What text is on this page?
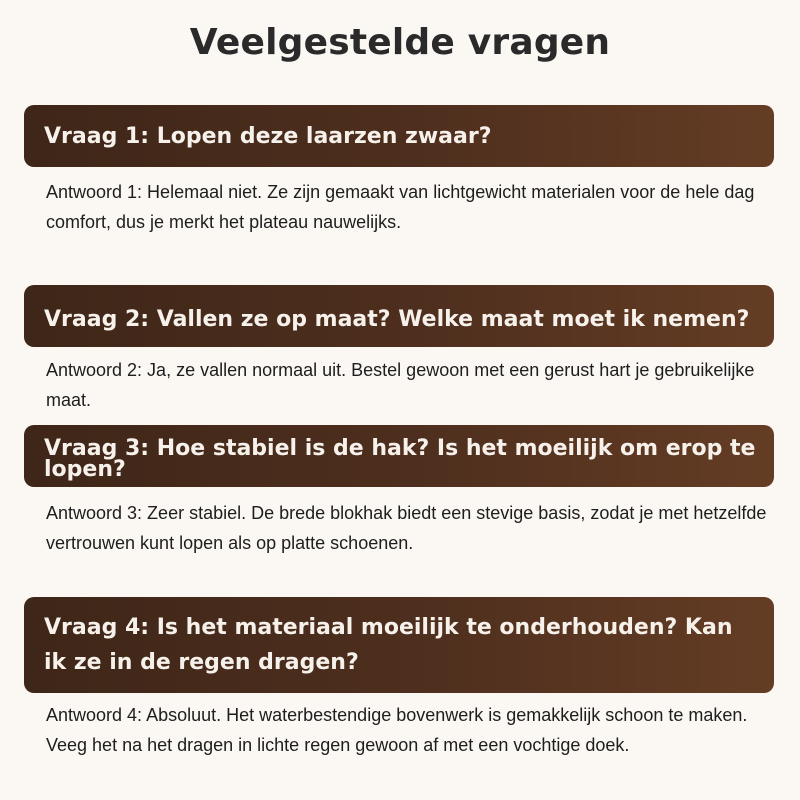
Veelgestelde vragen
Vraag 1: Lopen deze laarzen zwaar?
Antwoord 1: Helemaal niet. Ze zijn gemaakt van lichtgewicht materialen voor de hele dag comfort, dus je merkt het plateau nauwelijks.
Vraag 2: Vallen ze op maat? Welke maat moet ik nemen?
Antwoord 2: Ja, ze vallen normaal uit. Bestel gewoon met een gerust hart je gebruikelijke maat.
Vraag 3: Hoe stabiel is de hak? Is het moeilijk om erop te lopen?
Antwoord 3: Zeer stabiel. De brede blokhak biedt een stevige basis, zodat je met hetzelfde vertrouwen kunt lopen als op platte schoenen.
Vraag 4: Is het materiaal moeilijk te onderhouden? Kan ik ze in de regen dragen?
Antwoord 4: Absoluut. Het waterbestendige bovenwerk is gemakkelijk schoon te maken. Veeg het na het dragen in lichte regen gewoon af met een vochtige doek.
